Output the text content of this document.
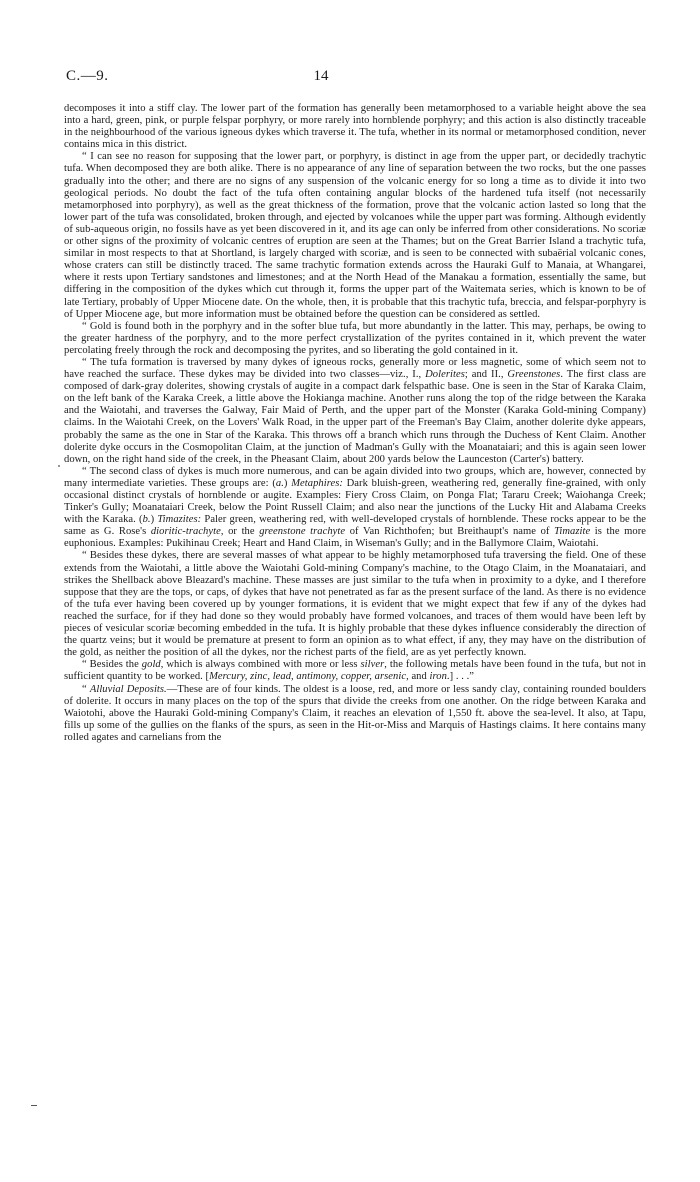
C.—9.	14

decomposes it into a stiff clay. The lower part of the formation has generally been metamorphosed to a variable height above the sea into a hard, green, pink, or purple felspar porphyry, or more rarely into hornblende porphyry; and this action is also distinctly traceable in the neighbourhood of the various igneous dykes which traverse it. The tufa, whether in its normal or metamorphosed condition, never contains mica in this district.

“ I can see no reason for supposing that the lower part, or porphyry, is distinct in age from the upper part, or decidedly trachytic tufa. When decomposed they are both alike. There is no appearance of any line of separation between the two rocks, but the one passes gradually into the other; and there are no signs of any suspension of the volcanic energy for so long a time as to divide it into two geological periods. No doubt the fact of the tufa often containing angular blocks of the hardened tufa itself (not necessarily metamorphosed into porphyry), as well as the great thickness of the formation, prove that the volcanic action lasted so long that the lower part of the tufa was consolidated, broken through, and ejected by volcanoes while the upper part was forming. Although evidently of sub-aqueous origin, no fossils have as yet been discovered in it, and its age can only be inferred from other considerations. No scoriæ or other signs of the proximity of volcanic centres of eruption are seen at the Thames; but on the Great Barrier Island a trachytic tufa, similar in most respects to that at Shortland, is largely charged with scoriæ, and is seen to be connected with subaërial volcanic cones, whose craters can still be distinctly traced. The same trachytic formation extends across the Hauraki Gulf to Manaia, at Whangarei, where it rests upon Tertiary sandstones and limestones; and at the North Head of the Manakau a formation, essentially the same, but differing in the composition of the dykes which cut through it, forms the upper part of the Waitemata series, which is known to be of late Tertiary, probably of Upper Miocene date. On the whole, then, it is probable that this trachytic tufa, breccia, and felspar-porphyry is of Upper Miocene age, but more information must be obtained before the question can be considered as settled.

“ Gold is found both in the porphyry and in the softer blue tufa, but more abundantly in the latter. This may, perhaps, be owing to the greater hardness of the porphyry, and to the more perfect crystallization of the pyrites contained in it, which prevent the water percolating freely through the rock and decomposing the pyrites, and so liberating the gold contained in it.

“ The tufa formation is traversed by many dykes of igneous rocks, generally more or less magnetic, some of which seem not to have reached the surface. These dykes may be divided into two classes—viz., I., Dolerites; and II., Greenstones. The first class are composed of dark-gray dolerites, showing crystals of augite in a compact dark felspathic base. One is seen in the Star of Karaka Claim, on the left bank of the Karaka Creek, a little above the Hokianga machine. Another runs along the top of the ridge between the Karaka and the Waiotahi, and traverses the Galway, Fair Maid of Perth, and the upper part of the Monster (Karaka Gold-mining Company) claims. In the Waiotahi Creek, on the Lovers' Walk Road, in the upper part of the Freeman's Bay Claim, another dolerite dyke appears, probably the same as the one in Star of the Karaka. This throws off a branch which runs through the Duchess of Kent Claim. Another dolerite dyke occurs in the Cosmopolitan Claim, at the junction of Madman's Gully with the Moanataiari; and this is again seen lower down, on the right hand side of the creek, in the Pheasant Claim, about 200 yards below the Launceston (Carter's) battery.

“ The second class of dykes is much more numerous, and can be again divided into two groups, which are, however, connected by many intermediate varieties. These groups are: (a.) Metaphires: Dark bluish-green, weathering red, generally fine-grained, with only occasional distinct crystals of hornblende or augite. Examples: Fiery Cross Claim, on Ponga Flat; Tararu Creek; Waiohanga Creek; Tinker's Gully; Moanataiari Creek, below the Point Russell Claim; and also near the junctions of the Lucky Hit and Alabama Creeks with the Karaka. (b.) Timazites: Paler green, weathering red, with well-developed crystals of hornblende. These rocks appear to be the same as G. Rose's dioritic-trachyte, or the greenstone trachyte of Van Richthofen; but Breithaupt's name of Timazite is the more euphonious. Examples: Pukihinau Creek; Heart and Hand Claim, in Wiseman's Gully; and in the Ballymore Claim, Waiotahi.

“ Besides these dykes, there are several masses of what appear to be highly metamorphosed tufa traversing the field. One of these extends from the Waiotahi, a little above the Waiotahi Gold-mining Company's machine, to the Otago Claim, in the Moanataiari, and strikes the Shellback above Bleazard's machine. These masses are just similar to the tufa when in proximity to a dyke, and I therefore suppose that they are the tops, or caps, of dykes that have not penetrated as far as the present surface of the land. As there is no evidence of the tufa ever having been covered up by younger formations, it is evident that we might expect that few if any of the dykes had reached the surface, for if they had done so they would probably have formed volcanoes, and traces of them would have been left by pieces of vesicular scoriæ becoming embedded in the tufa. It is highly probable that these dykes influence considerably the direction of the quartz veins; but it would be premature at present to form an opinion as to what effect, if any, they may have on the distribution of the gold, as neither the position of all the dykes, nor the richest parts of the field, are as yet perfectly known.

“ Besides the gold, which is always combined with more or less silver, the following metals have been found in the tufa, but not in sufficient quantity to be worked. [Mercury, zinc, lead, antimony, copper, arsenic, and iron.] . . .”

“ Alluvial Deposits.—These are of four kinds. The oldest is a loose, red, and more or less sandy clay, containing rounded boulders of dolerite. It occurs in many places on the top of the spurs that divide the creeks from one another. On the ridge between Karaka and Waiotohi, above the Hauraki Gold-mining Company's Claim, it reaches an elevation of 1,550 ft. above the sea-level. It also, at Tapu, fills up some of the gullies on the flanks of the spurs, as seen in the Hit-or-Miss and Marquis of Hastings claims. It here contains many rolled agates and carnelians from the
